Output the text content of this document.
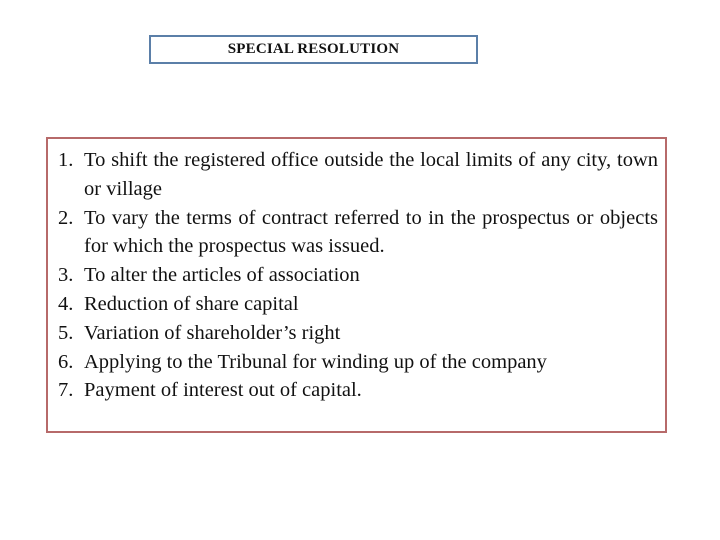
SPECIAL RESOLUTION
1. To shift the registered office outside the local limits of any city, town or village
2. To vary the terms of contract referred to in the prospectus or objects for which the prospectus was issued.
3. To alter the articles of association
4. Reduction of share capital
5. Variation of shareholder’s right
6. Applying to the Tribunal for winding up of the company
7. Payment of interest out of capital.
